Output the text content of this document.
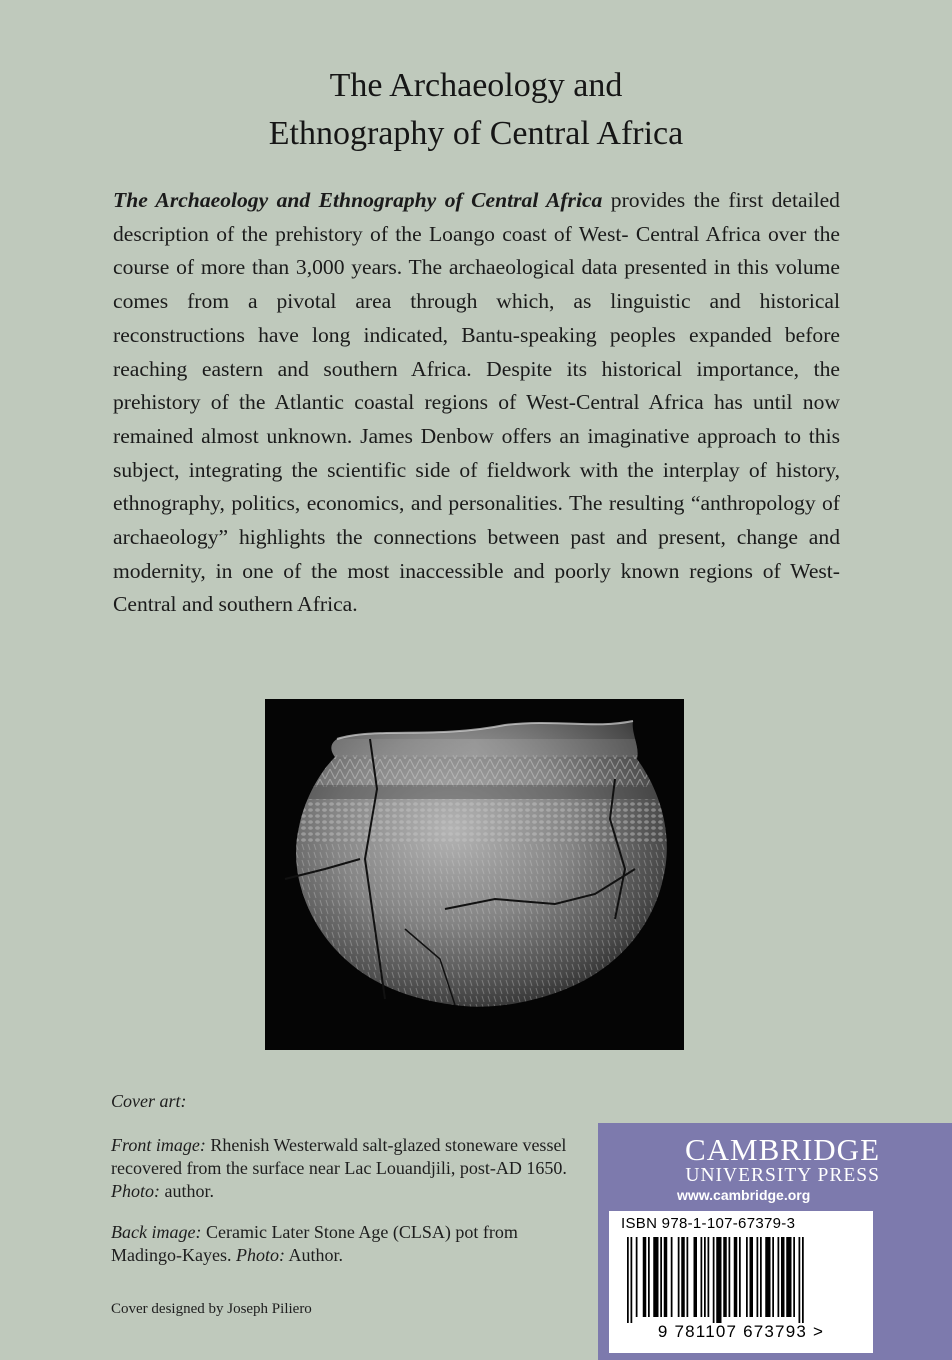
The Archaeology and
Ethnography of Central Africa
The Archaeology and Ethnography of Central Africa provides the first detailed description of the prehistory of the Loango coast of West- Central Africa over the course of more than 3,000 years. The archaeological data presented in this volume comes from a pivotal area through which, as linguistic and historical reconstructions have long indicated, Bantu-speaking peoples expanded before reaching eastern and southern Africa. Despite its historical importance, the prehistory of the Atlantic coastal regions of West-Central Africa has until now remained almost unknown. James Denbow offers an imaginative approach to this subject, integrating the scientific side of fieldwork with the interplay of history, ethnography, politics, economics, and personalities. The resulting “anthropology of archaeology” highlights the connections between past and present, change and modernity, in one of the most inaccessible and poorly known regions of West-Central and southern Africa.

Cover art:

Front image: Rhenish Westerwald salt-glazed stoneware vessel recovered from the surface near Lac Louandjili, post-AD 1650. Photo: author.

Back image: Ceramic Later Stone Age (CLSA) pot from Madingo-Kayes. Photo: Author.

Cover designed by Joseph Piliero
CAMBRIDGE
UNIVERSITY PRESS
www.cambridge.org
ISBN 978-1-107-67379-3
9 781107 673793 >
